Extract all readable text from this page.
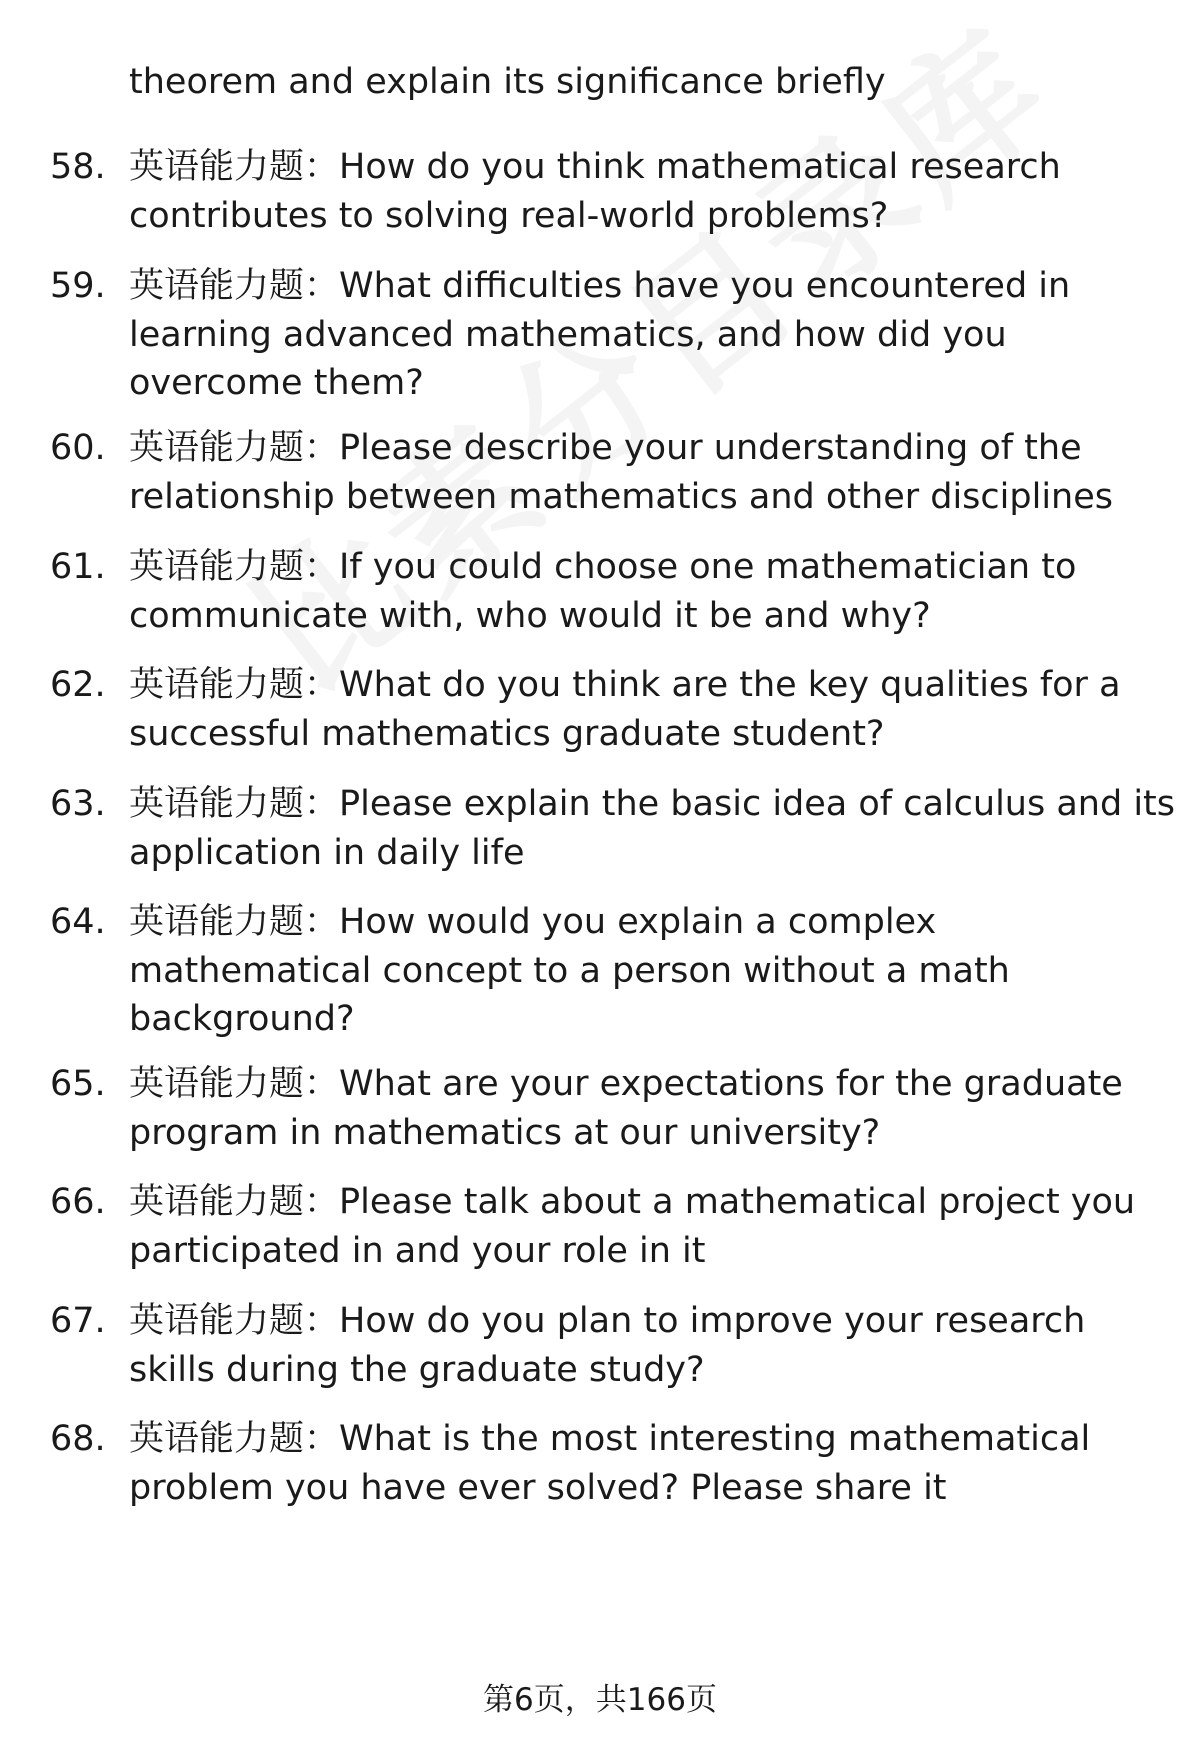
theorem and explain its significance briefly
58. 英语能力题：How do you think mathematical research
contributes to solving real-world problems?
59. 英语能力题：What difficulties have you encountered in
learning advanced mathematics, and how did you
overcome them?
60. 英语能力题：Please describe your understanding of the
relationship between mathematics and other disciplines
61. 英语能力题：If you could choose one mathematician to
communicate with, who would it be and why?
62. 英语能力题：What do you think are the key qualities for a
successful mathematics graduate student?
63. 英语能力题：Please explain the basic idea of calculus and its
application in daily life
64. 英语能力题：How would you explain a complex
mathematical concept to a person without a math
background?
65. 英语能力题：What are your expectations for the graduate
program in mathematics at our university?
66. 英语能力题：Please talk about a mathematical project you
participated in and your role in it
67. 英语能力题：How do you plan to improve your research
skills during the graduate study?
68. 英语能力题：What is the most interesting mathematical
problem you have ever solved? Please share it
第6页，共166页
